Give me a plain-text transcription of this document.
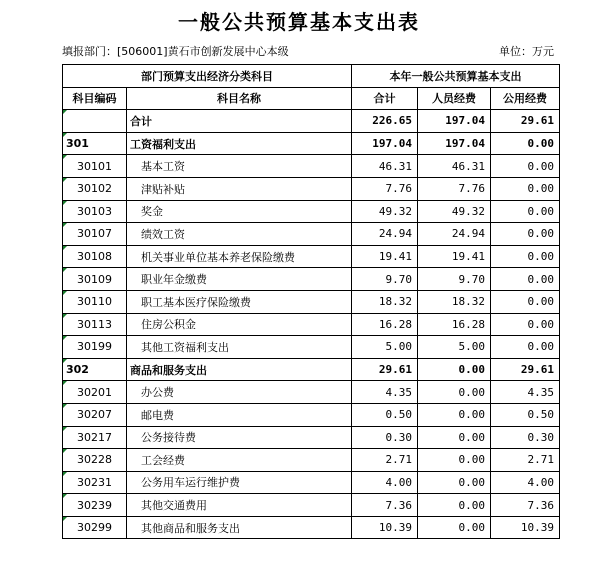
一般公共预算基本支出表
填报部门：[506001]黄石市创新发展中心本级	单位：万元
部门预算支出经济分类科目		本年一般公共预算基本支出		
科目编码	科目名称	合计	人员经费	公用经费
	合计	226.65	197.04	29.61
301	工资福利支出	197.04	197.04	0.00
30101	基本工资	46.31	46.31	0.00
30102	津贴补贴	7.76	7.76	0.00
30103	奖金	49.32	49.32	0.00
30107	绩效工资	24.94	24.94	0.00
30108	机关事业单位基本养老保险缴费	19.41	19.41	0.00
30109	职业年金缴费	9.70	9.70	0.00
30110	职工基本医疗保险缴费	18.32	18.32	0.00
30113	住房公积金	16.28	16.28	0.00
30199	其他工资福利支出	5.00	5.00	0.00
302	商品和服务支出	29.61	0.00	29.61
30201	办公费	4.35	0.00	4.35
30207	邮电费	0.50	0.00	0.50
30217	公务接待费	0.30	0.00	0.30
30228	工会经费	2.71	0.00	2.71
30231	公务用车运行维护费	4.00	0.00	4.00
30239	其他交通费用	7.36	0.00	7.36
30299	其他商品和服务支出	10.39	0.00	10.39
